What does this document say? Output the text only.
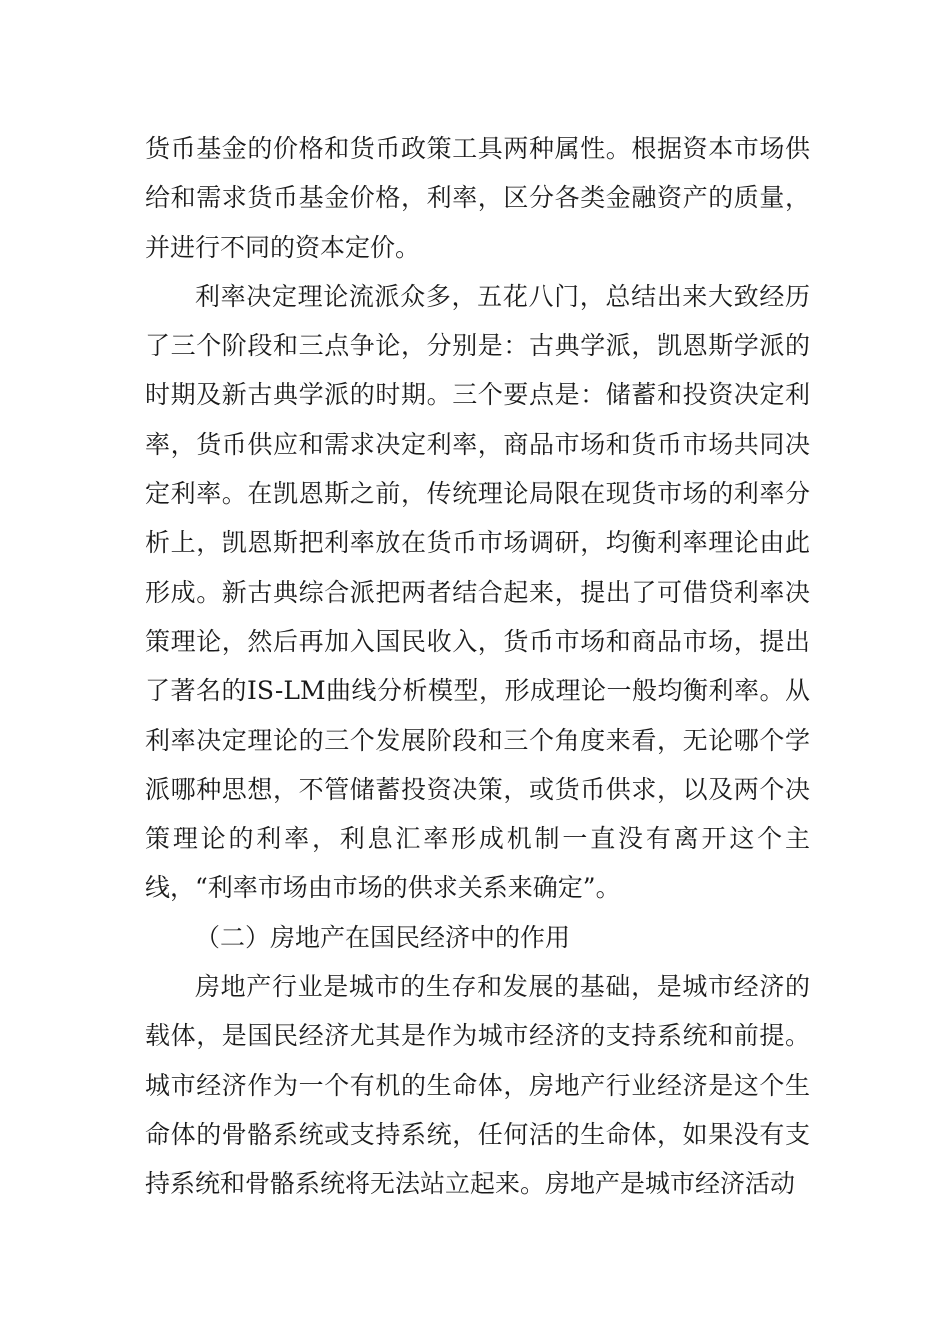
货币基金的价格和货币政策工具两种属性。根据资本市场供给和需求货币基金价格，利率，区分各类金融资产的质量，并进行不同的资本定价。

利率决定理论流派众多，五花八门，总结出来大致经历了三个阶段和三点争论，分别是：古典学派，凯恩斯学派的时期及新古典学派的时期。三个要点是：储蓄和投资决定利率，货币供应和需求决定利率，商品市场和货币市场共同决定利率。在凯恩斯之前，传统理论局限在现货市场的利率分析上，凯恩斯把利率放在货币市场调研，均衡利率理论由此形成。新古典综合派把两者结合起来，提出了可借贷利率决策理论，然后再加入国民收入，货币市场和商品市场，提出了著名的IS-LM曲线分析模型，形成理论一般均衡利率。从利率决定理论的三个发展阶段和三个角度来看，无论哪个学派哪种思想，不管储蓄投资决策，或货币供求，以及两个决策理论的利率，利息汇率形成机制一直没有离开这个主线，“利率市场由市场的供求关系来确定”。

（二）房地产在国民经济中的作用

房地产行业是城市的生存和发展的基础，是城市经济的载体，是国民经济尤其是作为城市经济的支持系统和前提。城市经济作为一个有机的生命体，房地产行业经济是这个生命体的骨骼系统或支持系统，任何活的生命体，如果没有支持系统和骨骼系统将无法站立起来。房地产是城市经济活动
